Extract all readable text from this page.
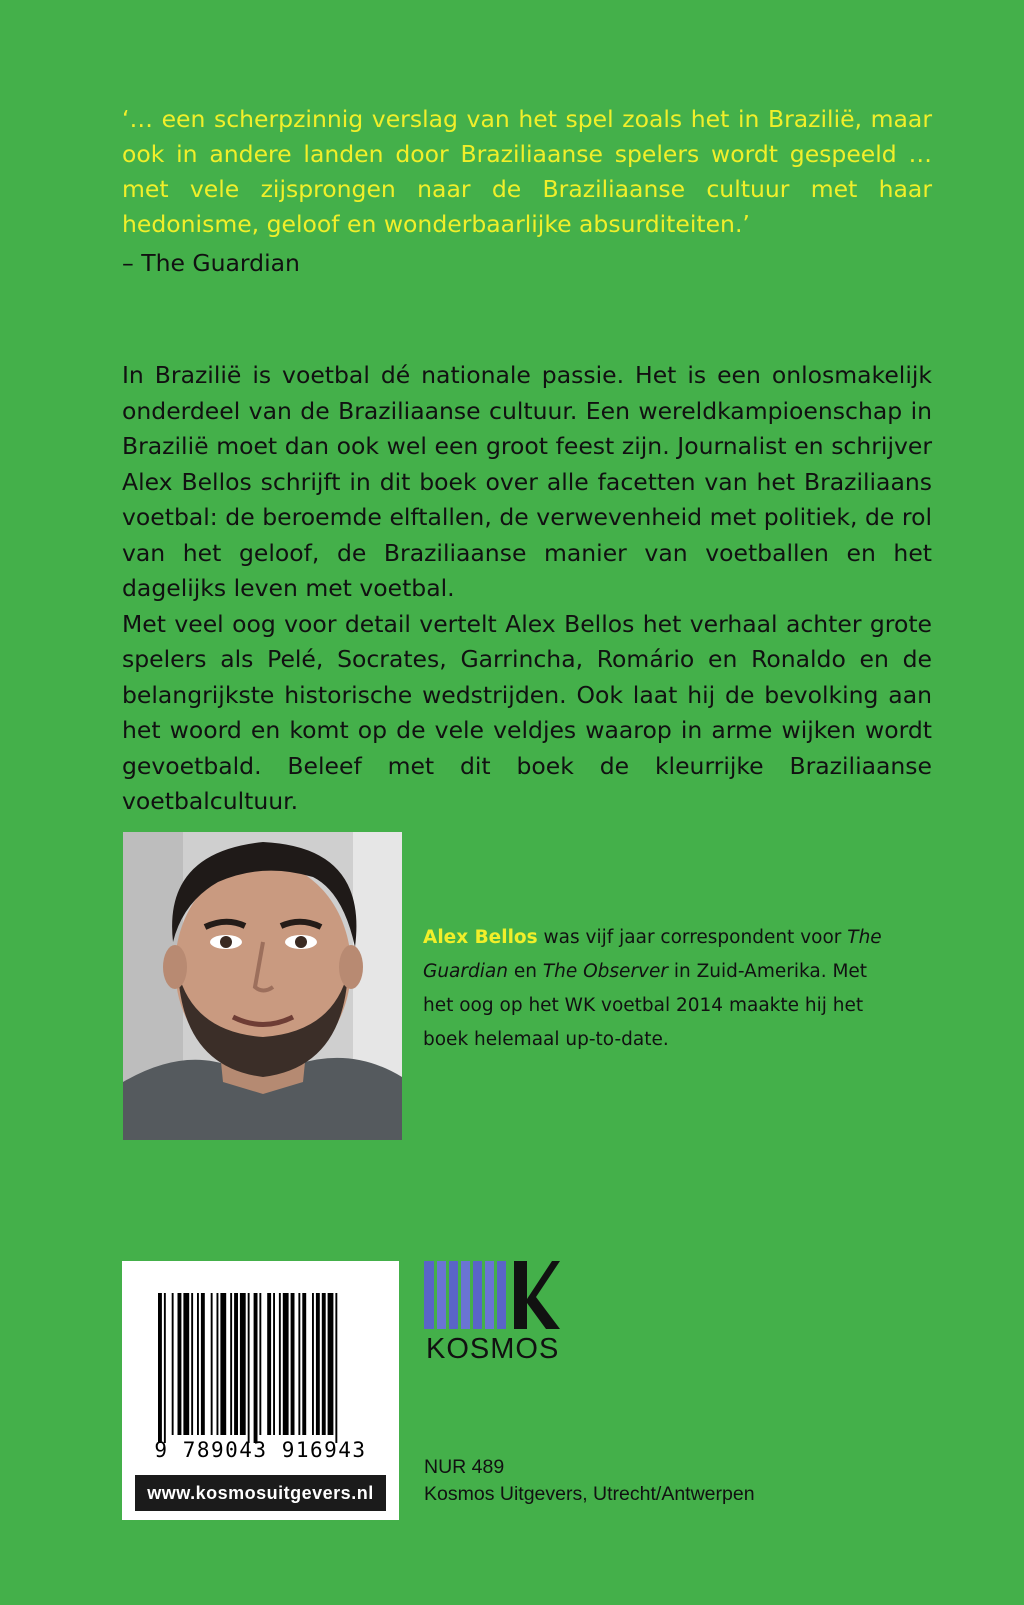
‘… een scherpzinnig verslag van het spel zoals het in Brazilië, maar ook in andere landen door Braziliaanse spelers wordt gespeeld … met vele zijsprongen naar de Braziliaanse cultuur met haar hedonisme, geloof en wonderbaarlijke absurditeiten.’

– The Guardian

In Brazilië is voetbal dé nationale passie. Het is een onlosmakelijk onderdeel van de Braziliaanse cultuur. Een wereldkampioenschap in Brazilië moet dan ook wel een groot feest zijn. Journalist en schrijver Alex Bellos schrijft in dit boek over alle facetten van het Braziliaans voetbal: de beroemde elftallen, de verwevenheid met politiek, de rol van het geloof, de Braziliaanse manier van voetballen en het dagelijks leven met voetbal.

Met veel oog voor detail vertelt Alex Bellos het verhaal achter grote spelers als Pelé, Socrates, Garrincha, Romário en Ronaldo en de belangrijkste historische wedstrijden. Ook laat hij de bevolking aan het woord en komt op de vele veldjes waarop in arme wijken wordt gevoetbald. Beleef met dit boek de kleurrijke Braziliaanse voetbalcultuur.

Alex Bellos was vijf jaar correspondent voor The Guardian en The Observer in Zuid-Amerika. Met het oog op het WK voetbal 2014 maakte hij het boek helemaal up-to-date.

9 789043 916943

www.kosmosuitgevers.nl

KOSMOS

NUR 489
Kosmos Uitgevers, Utrecht/Antwerpen
